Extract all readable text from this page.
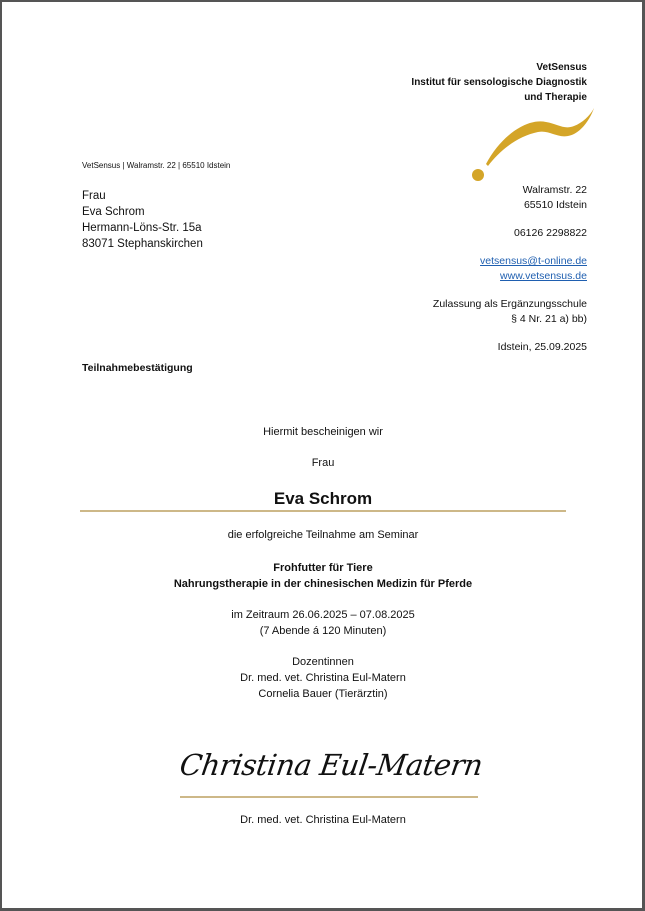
VetSensus
Institut für sensologische Diagnostik
und Therapie
VetSensus | Walramstr. 22 | 65510 Idstein
Frau
Eva Schrom
Hermann-Löns-Str. 15a
83071 Stephanskirchen
Walramstr. 22
65510 Idstein
06126 2298822
vetsensus@t-online.de
www.vetsensus.de
Zulassung als Ergänzungsschule
§ 4 Nr. 21 a) bb)
Idstein, 25.09.2025
Teilnahmebestätigung
Hiermit bescheinigen wir
Frau
Eva Schrom
die erfolgreiche Teilnahme am Seminar
Frohfutter für Tiere
Nahrungstherapie in der chinesischen Medizin für Pferde
im Zeitraum 26.06.2025 – 07.08.2025
(7 Abende á 120 Minuten)
Dozentinnen
Dr. med. vet. Christina Eul-Matern
Cornelia Bauer (Tierärztin)
Christina Eul-Matern
Dr. med. vet. Christina Eul-Matern
